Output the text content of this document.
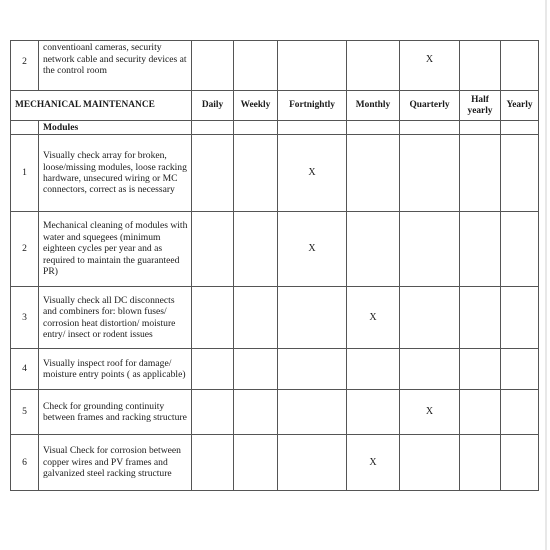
2	conventioanl cameras, security network cable and security devices at the control room					X		
MECHANICAL MAINTENANCE		Daily	Weekly	Fortnightly	Monthly	Quarterly	Half yearly	Yearly
	Modules							
1	Visually check array for broken, loose/missing modules, loose racking hardware, unsecured wiring or MC connectors, correct as is necessary			X				
2	Mechanical cleaning of modules with water and squegees (minimum eighteen cycles per year and as required to maintain the guaranteed PR)			X				
3	Visually check all DC disconnects and combiners for: blown fuses/ corrosion heat distortion/ moisture entry/ insect or rodent issues				X			
4	Visually inspect roof for damage/ moisture entry points ( as applicable)							
5	Check for grounding continuity between frames and racking structure					X		
6	Visual Check for corrosion between copper wires and PV frames and galvanized steel racking structure				X			
